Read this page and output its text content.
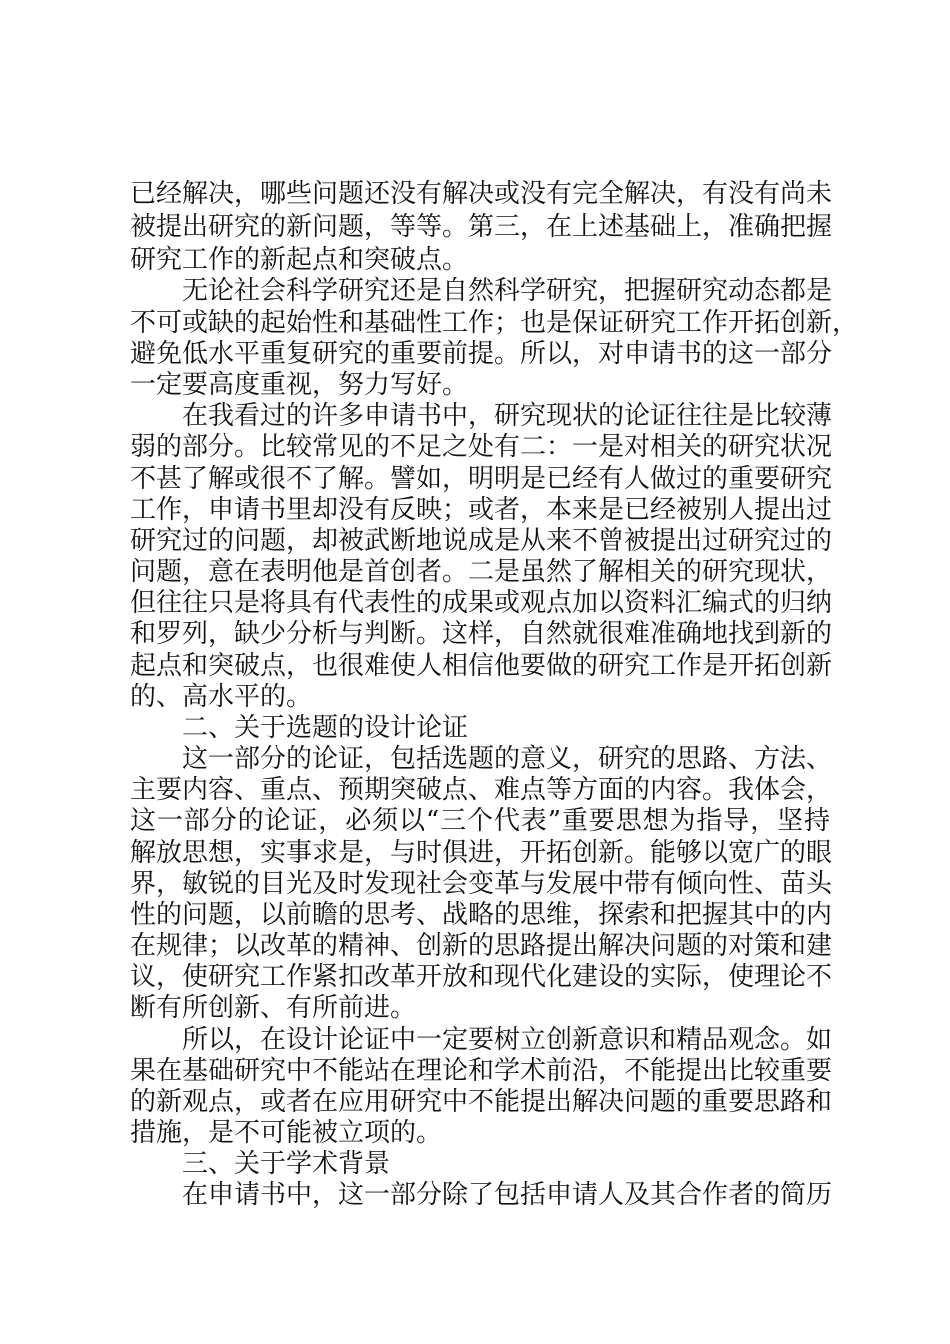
已经解决，哪些问题还没有解决或没有完全解决，有没有尚未
被提出研究的新问题，等等。第三，在上述基础上，准确把握
研究工作的新起点和突破点。
无论社会科学研究还是自然科学研究，把握研究动态都是
不可或缺的起始性和基础性工作；也是保证研究工作开拓创新，
避免低水平重复研究的重要前提。所以，对申请书的这一部分
一定要高度重视，努力写好。
在我看过的许多申请书中，研究现状的论证往往是比较薄
弱的部分。比较常见的不足之处有二：一是对相关的研究状况
不甚了解或很不了解。譬如，明明是已经有人做过的重要研究
工作，申请书里却没有反映；或者，本来是已经被别人提出过
研究过的问题，却被武断地说成是从来不曾被提出过研究过的
问题，意在表明他是首创者。二是虽然了解相关的研究现状，
但往往只是将具有代表性的成果或观点加以资料汇编式的归纳
和罗列，缺少分析与判断。这样，自然就很难准确地找到新的
起点和突破点，也很难使人相信他要做的研究工作是开拓创新
的、高水平的。
二、关于选题的设计论证
这一部分的论证，包括选题的意义，研究的思路、方法、
主要内容、重点、预期突破点、难点等方面的内容。我体会，
这一部分的论证，必须以“三个代表”重要思想为指导，坚持
解放思想，实事求是，与时俱进，开拓创新。能够以宽广的眼
界，敏锐的目光及时发现社会变革与发展中带有倾向性、苗头
性的问题，以前瞻的思考、战略的思维，探索和把握其中的内
在规律；以改革的精神、创新的思路提出解决问题的对策和建
议，使研究工作紧扣改革开放和现代化建设的实际，使理论不
断有所创新、有所前进。
所以，在设计论证中一定要树立创新意识和精品观念。如
果在基础研究中不能站在理论和学术前沿，不能提出比较重要
的新观点，或者在应用研究中不能提出解决问题的重要思路和
措施，是不可能被立项的。
三、关于学术背景
在申请书中，这一部分除了包括申请人及其合作者的简历
